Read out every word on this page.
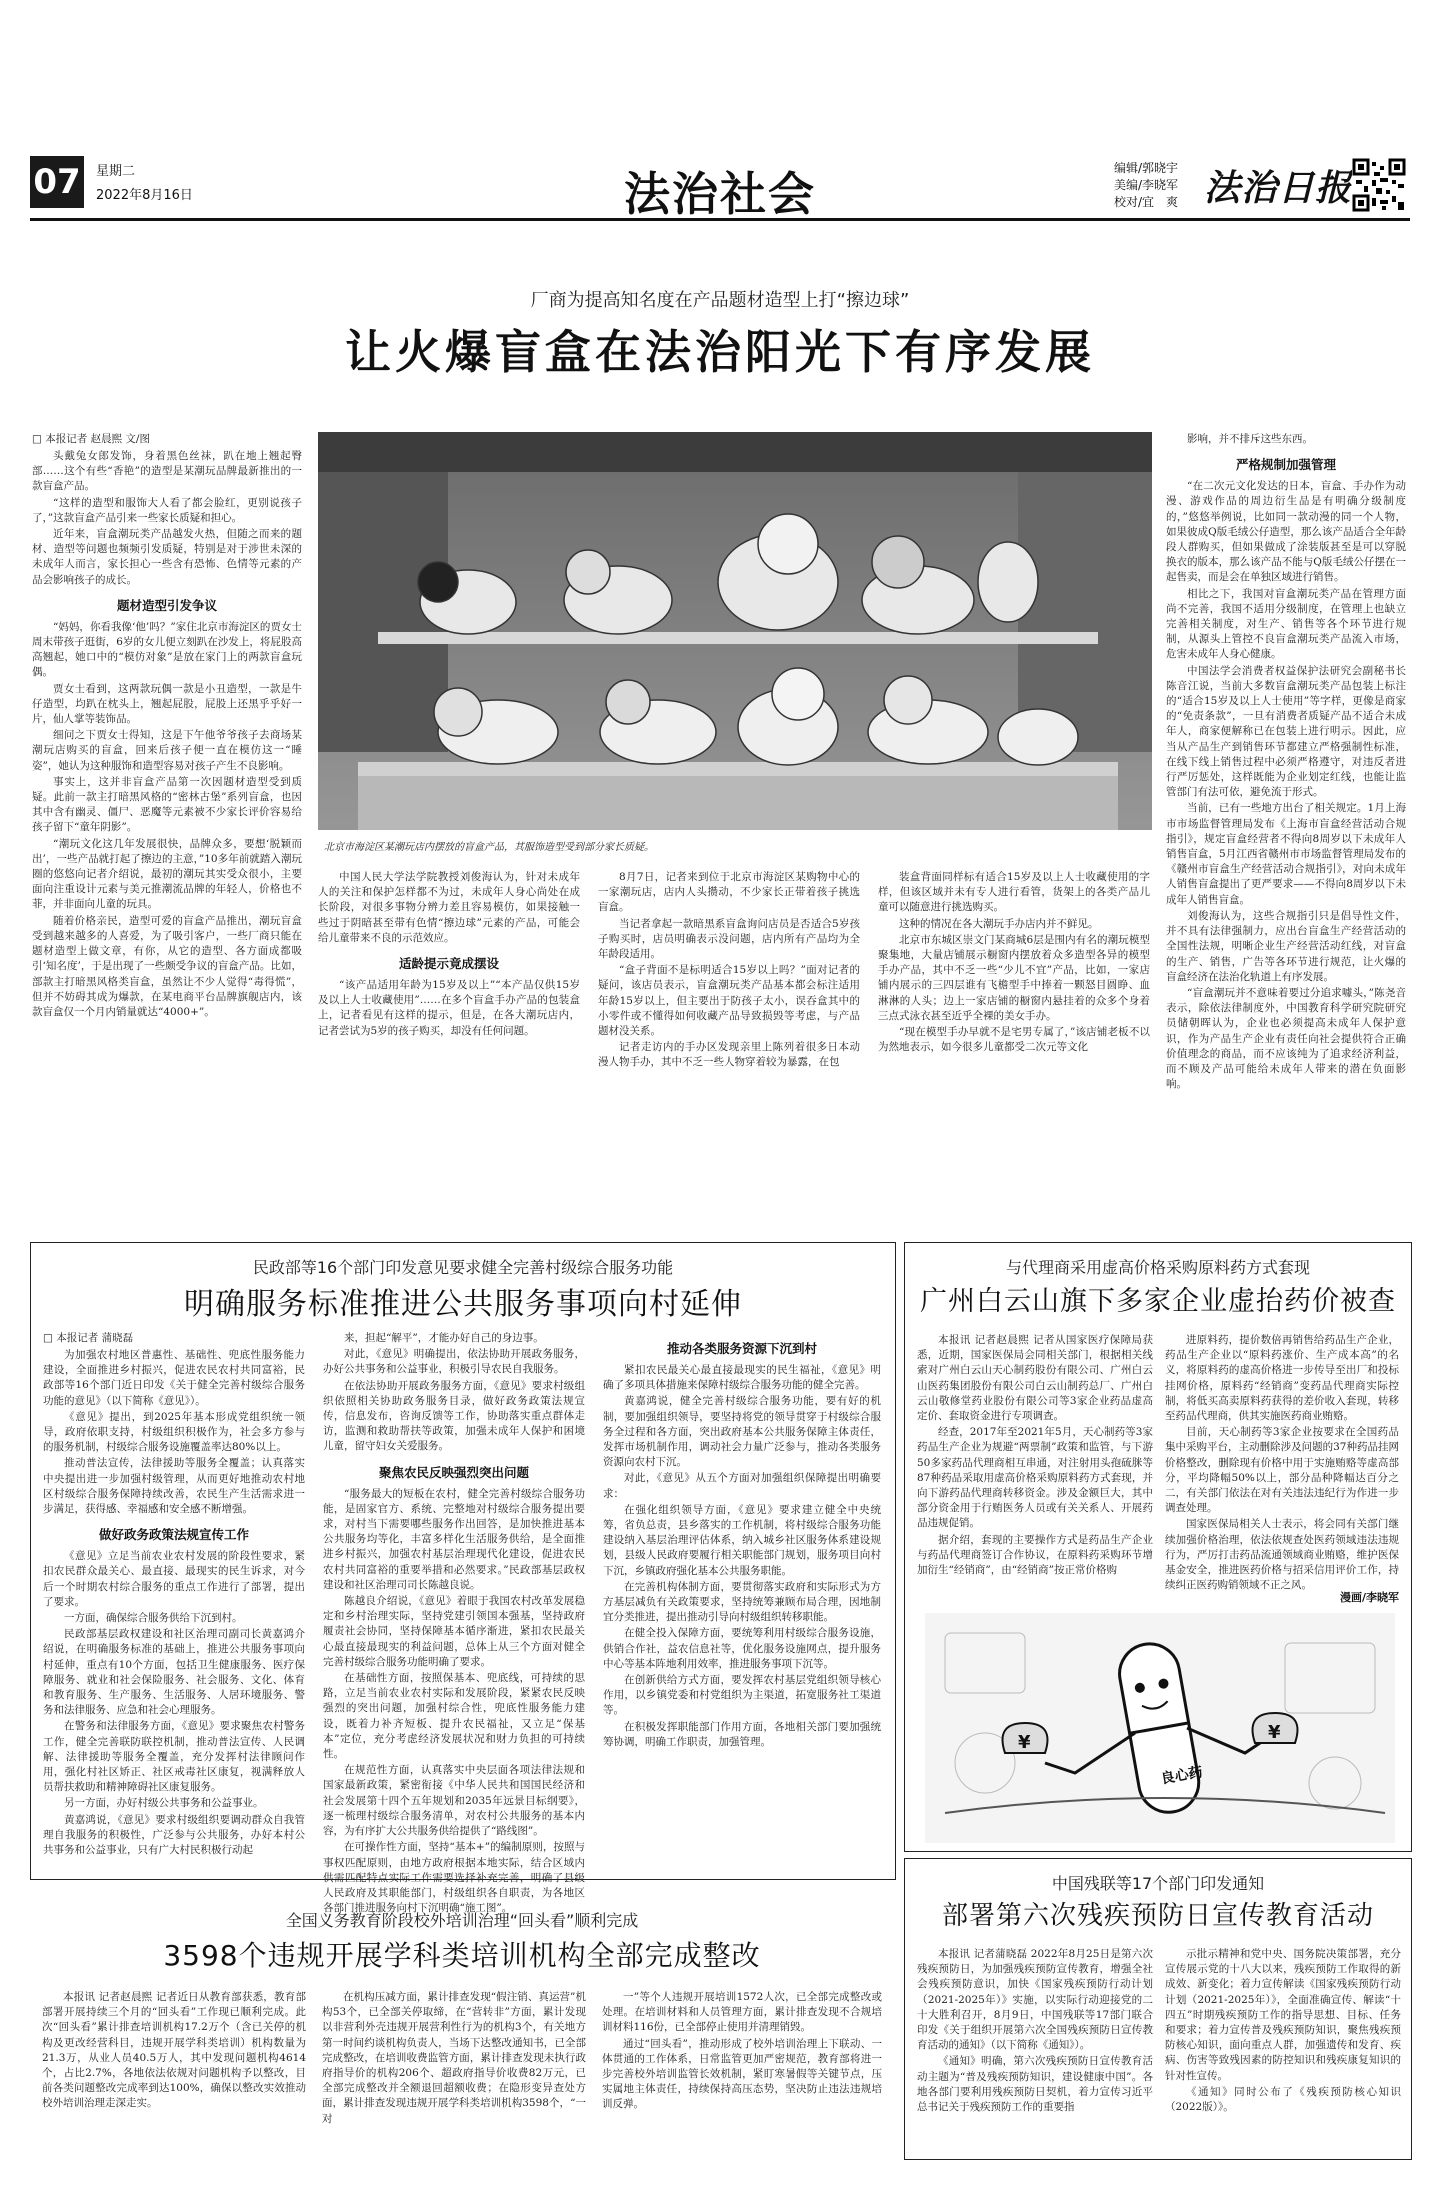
07 星期二
2022年8月16日	法治社会	编辑/郭晓宇
美编/李晓军
校对/宜　爽 法治日报
厂商为提高知名度在产品题材造型上打“擦边球”
让火爆盲盒在法治阳光下有序发展
□ 本报记者 赵晨熙 文/图

头戴兔女郎发饰，身着黑色丝袜，趴在地上翘起臀部……这个有些“香艳”的造型是某潮玩品牌最新推出的一款盲盒产品。

“这样的造型和服饰大人看了都会脸红，更别说孩子了，”这款盲盒产品引来一些家长质疑和担心。

近年来，盲盒潮玩类产品越发火热，但随之而来的题材、造型等问题也频频引发质疑，特别是对于涉世未深的未成年人而言，家长担心一些含有恐怖、色情等元素的产品会影响孩子的成长。

题材造型引发争议

“妈妈，你看我像‘他’吗？”家住北京市海淀区的贾女士周末带孩子逛街，6岁的女儿便立刻趴在沙发上，将屁股高高翘起，她口中的“模仿对象”是放在家门上的两款盲盒玩偶。

贾女士看到，这两款玩偶一款是小丑造型，一款是牛仔造型，均趴在枕头上，翘起屁股，屁股上还黑乎乎好一片，仙人掌等装饰品。

细问之下贾女士得知，这是下午他爷爷孩子去商场某潮玩店购买的盲盒，回来后孩子便一直在模仿这一“睡姿”，她认为这种服饰和造型容易对孩子产生不良影响。

事实上，这并非盲盒产品第一次因题材造型受到质疑。此前一款主打暗黑风格的“密林古堡”系列盲盒，也因其中含有幽灵、僵尸、恶魔等元素被不少家长评价容易给孩子留下“童年阴影”。

“潮玩文化这几年发展很快，品牌众多，要想‘脱颖而出’，一些产品就打起了擦边的主意，”10多年前就踏入潮玩圈的悠悠向记者介绍说，最初的潮玩其实受众很小，主要面向注重设计元素与美元推潮流品牌的年轻人，价格也不菲，并非面向儿童的玩具。

随着价格亲民，造型可爱的盲盒产品推出，潮玩盲盒受到越来越多的人喜爱，为了吸引客户，一些厂商只能在题材造型上做文章，有你，从它的造型、各方面成都吸引‘知名度’，于是出现了一些颇受争议的盲盒产品。比如，部款主打暗黑风格类盲盒，虽然让不少人觉得“毒得慌”，但并不妨碍其成为爆款，在某电商平台品牌旗舰店内，该款盲盒仅一个月内销量就达“4000+”。

北京市海淀区某潮玩店内摆放的盲盒产品，其服饰造型受到部分家长质疑。

中国人民大学法学院教授刘俊海认为，针对未成年人的关注和保护怎样都不为过，未成年人身心尚处在成长阶段，对很多事物分辨力差且容易模仿，如果接触一些过于阴暗甚至带有色情“擦边球”元素的产品，可能会给儿童带来不良的示范效应。

适龄提示竟成摆设

“该产品适用年龄为15岁及以上”“本产品仅供15岁及以上人士收藏使用”……在多个盲盒手办产品的包装盒上，记者看见有这样的提示，但是，在各大潮玩店内，记者尝试为5岁的孩子购买，却没有任何问题。

8月7日，记者来到位于北京市海淀区某购物中心的一家潮玩店，店内人头攒动，不少家长正带着孩子挑选盲盒。

当记者拿起一款暗黑系盲盒询问店员是否适合5岁孩子购买时，店员明确表示没问题，店内所有产品均为全年龄段适用。

“盒子背面不是标明适合15岁以上吗？”面对记者的疑问，该店员表示，盲盒潮玩类产品基本都会标注适用年龄15岁以上，但主要出于防孩子太小，误吞盒其中的小零件或不懂得如何收藏产品导致损毁等考虑，与产品题材没关系。

记者走访内的手办区发现亲里上陈列着很多日本动漫人物手办，其中不乏一些人物穿着较为暴露，在包

装盒背面同样标有适合15岁及以上人士收藏使用的字样，但该区域并未有专人进行看管，货架上的各类产品儿童可以随意进行挑选购买。

这种的情况在各大潮玩手办店内并不鲜见。

北京市东城区崇文门某商城6层是围内有名的潮玩模型聚集地，大量店铺展示橱窗内摆放着众多造型各异的模型手办产品，其中不乏一些“少儿不宜”产品，比如，一家店铺内展示的三四层谁有飞檐型手中捧着一颗怒目圆睁、血淋淋的人头；边上一家店铺的橱窗内悬挂着的众多个身着三点式泳衣甚至近乎全裸的美女手办。

“现在模型手办早就不是宅男专属了，”该店铺老板不以为然地表示，如今很多儿童都受二次元等文化

影响，并不排斥这些东西。

严格规制加强管理

“在二次元文化发达的日本，盲盒、手办作为动漫、游戏作品的周边衍生品是有明确分级制度的，”悠悠举例说，比如同一款动漫的同一个人物，如果彼成Q版毛绒公仔造型，那么该产品适合全年龄段人群购买，但如果做成了涂装版甚至是可以穿脱换衣的版本，那么该产品不能与Q版毛绒公仔摆在一起售卖，而是会在单独区域进行销售。

相比之下，我国对盲盒潮玩类产品在管理方面尚不完善，我国不适用分级制度，在管理上也缺立完善相关制度，对生产、销售等各个环节进行规制，从源头上管控不良盲盒潮玩类产品流入市场，危害未成年人身心健康。

中国法学会消费者权益保护法研究会副秘书长陈音江说，当前大多数盲盒潮玩类产品包装上标注的“适合15岁及以上人士使用”等字样，更像是商家的“免责条款”，一旦有消费者质疑产品不适合未成年人，商家便解称已在包装上进行明示。因此，应当从产品生产到销售环节都建立严格强制性标准，在线下线上销售过程中必须严格遵守，对违反者进行严厉惩处，这样既能为企业划定红线，也能让监管部门有法可依，避免流于形式。

当前，已有一些地方出台了相关规定。1月上海市市场监督管理局发布《上海市盲盒经营活动合规指引》，规定盲盒经营者不得向8周岁以下未成年人销售盲盒，5月江西省赣州市市场监督管理局发布的《赣州市盲盒生产经营活动合规指引》，对向未成年人销售盲盒提出了更严要求——不得向8周岁以下未成年人销售盲盒。

刘俊海认为，这些合规指引只是倡导性文件，并不具有法律强制力，应出台盲盒生产经营活动的全国性法规，明晰企业生产经营活动红线，对盲盒的生产、销售，广告等各环节进行规范，让火爆的盲盒经济在法治化轨道上有序发展。

“盲盒潮玩并不意味着要过分追求噱头，”陈尧音表示，除依法律制度外，中国教育科学研究院研究员储朝晖认为，企业也必须提高未成年人保护意识，作为产品生产企业有责任向社会提供符合正确价值理念的商品，而不应该纯为了追求经济利益，而不顾及产品可能给未成年人带来的潜在负面影响。

民政部等16个部门印发意见要求健全完善村级综合服务功能
明确服务标准推进公共服务事项向村延伸
□ 本报记者 蒲晓磊

为加强农村地区普惠性、基础性、兜底性服务能力建设，全面推进乡村振兴，促进农民农村共同富裕，民政部等16个部门近日印发《关于健全完善村级综合服务功能的意见》（以下简称《意见》）。

《意见》提出，到2025年基本形成党组织统一领导，政府依职支持，村级组织积极作为，社会多方参与的服务机制，村级综合服务设施覆盖率达80%以上。

推动普法宣传，法律援助等服务全覆盖；认真落实中央提出进一步加强村级管理，从而更好地推动农村地区村级综合服务保障持续改善，农民生产生活需求进一步满足，获得感、幸福感和安全感不断增强。

做好政务政策法规宣传工作

《意见》立足当前农业农村发展的阶段性要求，紧扣农民群众最关心、最直接、最现实的民生诉求，对今后一个时期农村综合服务的重点工作进行了部署，提出了要求。

一方面，确保综合服务供给下沉到村。

民政部基层政权建设和社区治理司副司长黄嘉鸿介绍说，在明确服务标准的基础上，推进公共服务事项向村延伸，重点有10个方面，包括卫生健康服务、医疗保障服务、就业和社会保险服务、社会服务、文化、体育和教育服务、生产服务、生活服务、人居环境服务、警务和法律服务、应急和社会心理服务。

在警务和法律服务方面，《意见》要求聚焦农村警务工作，健全完善联防联控机制，推动普法宣传、人民调解、法律援助等服务全覆盖，充分发挥村法律顾问作用，强化村社区矫正、社区戒毒社区康复，视满释放人员帮扶救助和精神障碍社区康复服务。

另一方面，办好村级公共事务和公益事业。

黄嘉鸿说，《意见》要求村级组织要调动群众自我管理自我服务的积极性，广泛参与公共服务，办好本村公共事务和公益事业，只有广大村民积极行动起

来，担起“解平”，才能办好自己的身边事。

对此，《意见》明确提出，依法协助开展政务服务，办好公共事务和公益事业，积极引导农民自我服务。

在依法协助开展政务服务方面，《意见》要求村级组织依照相关协助政务服务目录，做好政务政策法规宣传，信息发布，咨询反馈等工作，协助落实重点群体走访，监测和救助帮扶等政策，加强未成年人保护和困境儿童，留守妇女关爱服务。

聚焦农民反映强烈突出问题

“服务最大的短板在农村，健全完善村级综合服务功能，是固家官方、系统、完整地对村级综合服务提出要求，对村当下需要哪些服务作出回答，是加快推进基本公共服务均等化，丰富多样化生活服务供给，是全面推进乡村振兴，加强农村基层治理现代化建设，促进农民农村共同富裕的重要举措和必然要求。”民政部基层政权建设和社区治理司司长陈越良说。

陈越良介绍说，《意见》着眼于我国农村改革发展稳定和乡村治理实际，坚持党建引领国本强基，坚持政府履责社会协同，坚持保障基本循序渐进，紧扣农民最关心最直接最现实的利益问题，总体上从三个方面对健全完善村级综合服务功能明确了要求。

在基础性方面，按照保基本、兜底线，可持续的思路，立足当前农业农村实际和发展阶段，紧紧农民反映强烈的突出问题，加强村综合性，兜底性服务能力建设，既着力补齐短板、提升农民福祉，又立足“保基本”定位，充分考虑经济发展状况和财力负担的可持续性。

在规范性方面，认真落实中央层面各项法律法规和国家最新政策，紧密衔接《中华人民共和国国民经济和社会发展第十四个五年规划和2035年远景目标纲要》，逐一梳理村级综合服务清单，对农村公共服务的基本内容，为有序扩大公共服务供给提供了“路线图”。

在可操作性方面，坚持“基本+”的编制原则，按照与事权匹配原则，由地方政府根据本地实际，结合区域内供需匹配特点实际工作需要选择补充完善，明确了县级人民政府及其职能部门，村级组织各自职责，为各地区各部门推进服务向村下沉明确“施工图”。

推动各类服务资源下沉到村

紧扣农民最关心最直接最现实的民生福祉，《意见》明确了多项具体措施来保障村级综合服务功能的健全完善。

黄嘉鸿说，健全完善村级综合服务功能，要有好的机制，要加强组织领导，要坚持将党的领导贯穿于村级综合服务全过程和各方面，突出政府基本公共服务保障主体责任，发挥市场机制作用，调动社会力量广泛参与，推动各类服务资源向农村下沉。

对此，《意见》从五个方面对加强组织保障提出明确要求：

在强化组织领导方面，《意见》要求建立健全中央统筹，省负总责，县乡落实的工作机制，将村级综合服务功能建设纳入基层治理评估体系，纳入城乡社区服务体系建设规划，县级人民政府要履行相关职能部门规划，服务项目向村下沉，乡镇政府强化基本公共服务职能。

在完善机构体制方面，要贯彻落实政府和实际形式为方方基层减负有关政策要求，坚持统筹兼顾布局合理，因地制宜分类推进，提出推动引导向村级组织转移职能。

在健全投入保障方面，要统筹利用村级综合服务设施，供销合作社，益农信息社等，优化服务设施网点，提升服务中心等基本阵地利用效率，推进服务事项下沉等。

在创新供给方式方面，要发挥农村基层党组织领导核心作用，以乡镇党委和村党组织为主渠道，拓宽服务社工渠道等。

在积极发挥职能部门作用方面，各地相关部门要加强统筹协调，明确工作职责，加强管理。

与代理商采用虚高价格采购原料药方式套现
广州白云山旗下多家企业虚抬药价被查

本报讯 记者赵晨熙 记者从国家医疗保障局获悉，近期，国家医保局会同相关部门，根据相关线索对广州白云山天心制药股份有限公司、广州白云山医药集团股份有限公司白云山制药总厂、广州白云山敬修堂药业股份有限公司等3家企业药品虚高定价、套取资金进行专项调查。

经查，2017年至2021年5月，天心制药等3家药品生产企业为规避“两票制”政策和监管，与下游50多家药品代理商相互串通，对注射用头孢硫脒等87种药品采取用虚高价格采购原料药方式套现，并向下游药品代理商转移资金。涉及金额巨大，其中部分资金用于行贿医务人员或有关关系人、开展药品违规促销。

据介绍，套现的主要操作方式是药品生产企业与药品代理商签订合作协议，在原料药采购环节增加衍生“经销商”，由“经销商”按正常价格购

进原料药，提价数倍再销售给药品生产企业，药品生产企业以“原料药涨价、生产成本高”的名义，将原料药的虚高价格进一步传导至出厂和投标挂网价格，原料药“经销商”变药品代理商实际控制，将低买高卖原料药获得的差价收入套现，转移至药品代理商，供其实施医药商业贿赂。

目前，天心制药等3家企业按要求在全国药品集中采购平台，主动删除涉及问题的37种药品挂网价格整改，删除现有价格中用于实施贿赂等虚高部分，平均降幅50%以上，部分品种降幅达百分之二，有关部门依法在对有关违法违纪行为作进一步调查处理。

国家医保局相关人士表示，将会同有关部门继续加强价格治理，依法依规查处医药领域违法违规行为，严厉打击药品流通领域商业贿赂，维护医保基金安全，推进医药价格与招采信用评价工作，持续纠正医药购销领域不正之风。

漫画/李晓军
良心药
¥
¥
中国残联等17个部门印发通知
部署第六次残疾预防日宣传教育活动

本报讯 记者蒲晓磊 2022年8月25日是第六次残疾预防日，为加强残疾预防宣传教育，增强全社会残疾预防意识，加快《国家残疾预防行动计划（2021-2025年）》实施，以实际行动迎接党的二十大胜利召开，8月9日，中国残联等17部门联合印发《关于组织开展第六次全国残疾预防日宣传教育活动的通知》（以下简称《通知》）。

《通知》明确，第六次残疾预防日宣传教育活动主题为“普及残疾预防知识，建设健康中国”。各地各部门要利用残疾预防日契机，着力宣传习近平总书记关于残疾预防工作的重要指

示批示精神和党中央、国务院决策部署，充分宣传展示党的十八大以来，残疾预防工作取得的新成效、新变化；着力宣传解读《国家残疾预防行动计划（2021-2025年）》，全面准确宣传、解读“十四五”时期残疾预防工作的指导思想、目标、任务和要求；着力宣传普及残疾预防知识，聚焦残疾预防核心知识，面向重点人群，加强遗传和发育、疾病、伤害等致残因素的防控知识和残疾康复知识的针对性宣传。

《通知》同时公布了《残疾预防核心知识（2022版）》。

全国义务教育阶段校外培训治理“回头看”顺利完成
3598个违规开展学科类培训机构全部完成整改

本报讯 记者赵晨熙 记者近日从教育部获悉，教育部部署开展持续三个月的“回头看”工作现已顺利完成。此次“回头看”累计排查培训机构17.2万个（含已关停的机构及更改经营科目，违规开展学科类培训）机构数量为21.3万，从业人员40.5万人，其中发现问题机构4614个，占比2.7%，各地依法依规对问题机构予以整改，目前各类问题整改完成率到达100%，确保以整改实效推动校外培训治理走深走实。

在机构压减方面，累计排查发现“假注销、真运营”机构53个，已全部关停取缔，在“营转非”方面，累计发现以非营利外壳违规开展营利性行为的机构3个，有关地方第一时间约谈机构负责人，当场下达整改通知书，已全部完成整改，在培训收费监管方面，累计排查发现未执行政府指导价的机构206个、超政府指导价收费82万元，已全部完成整改并全额退回超额收费；在隐形变异查处方面，累计排查发现违规开展学科类培训机构3598个，“一对

一”等个人违规开展培训1572人次，已全部完成整改或处理。在培训材料和人员管理方面，累计排查发现不合规培训材料116份，已全部停止使用并清理销毁。

通过“回头看”，推动形成了校外培训治理上下联动、一体贯通的工作体系，日常监管更加严密规范，教育部将进一步完善校外培训监管长效机制，紧盯寒暑假等关键节点，压实属地主体责任，持续保持高压态势，坚决防止违法违规培训反弹。
